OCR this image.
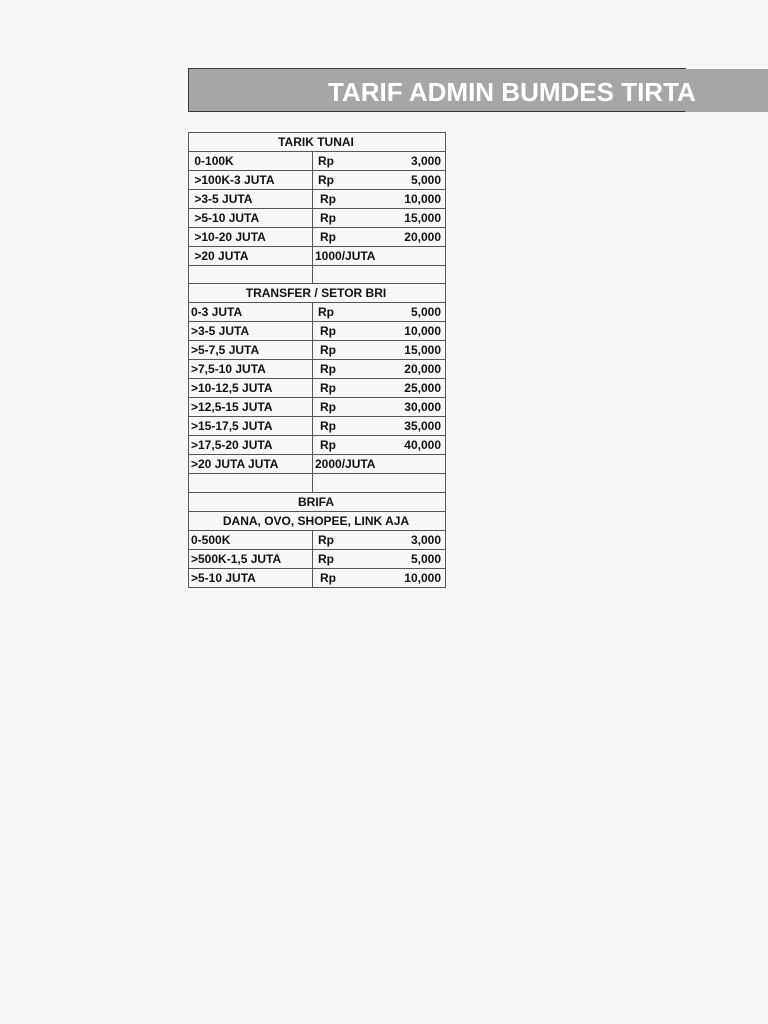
TARIF ADMIN BUMDES TIRTA
TARIK TUNAI	
0-100K	Rp 3,000

>100K-3 JUTA	Rp 5,000

>3-5 JUTA	Rp 10,000

>5-10 JUTA	Rp 15,000

>10-20 JUTA	Rp 20,000

>20 JUTA	1000/JUTA

TRANSFER / SETOR BRI	
0-3 JUTA	Rp 5,000

>3-5 JUTA	Rp 10,000

>5-7,5 JUTA	Rp 15,000

>7,5-10 JUTA	Rp 20,000

>10-12,5 JUTA	Rp 25,000

>12,5-15 JUTA	Rp 30,000

>15-17,5 JUTA	Rp 35,000

>17,5-20 JUTA	Rp 40,000

>20 JUTA JUTA	2000/JUTA

BRIFA	
DANA, OVO, SHOPEE, LINK AJA	
0-500K	Rp 3,000

>500K-1,5 JUTA	Rp 5,000

>5-10 JUTA	Rp 10,000
